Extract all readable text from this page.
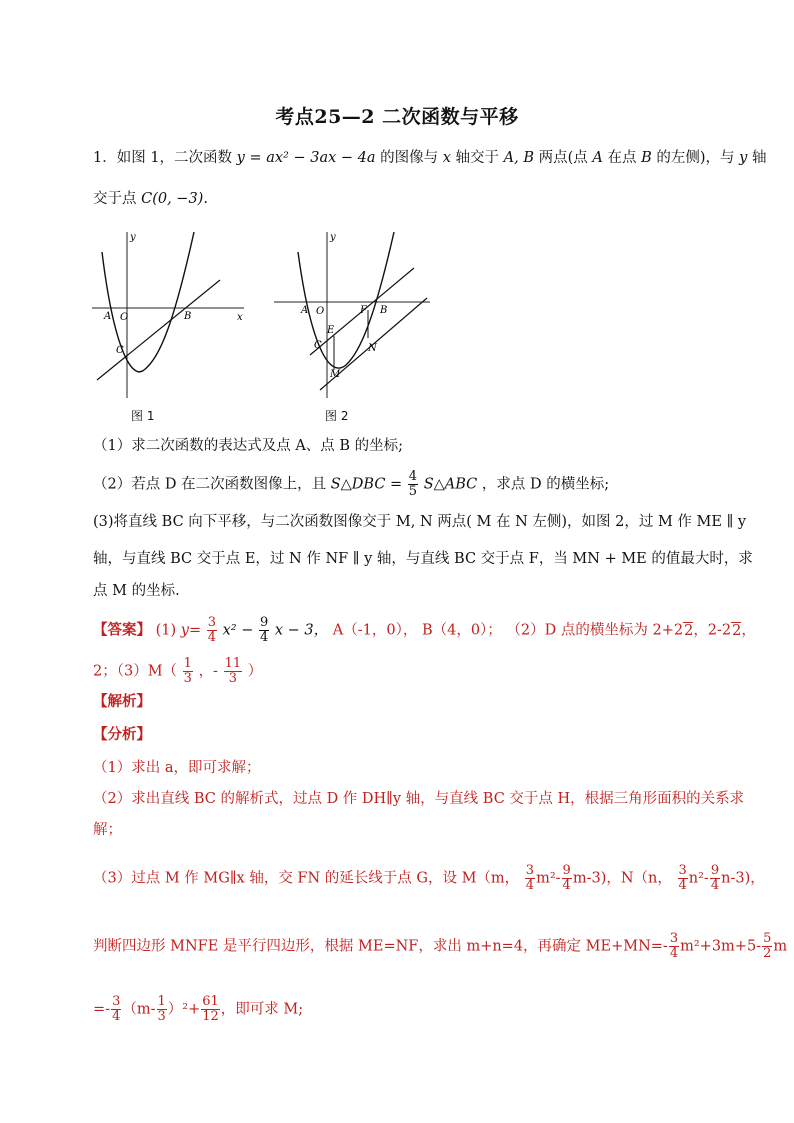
考点25—2 二次函数与平移
1．如图 1，二次函数 y = ax² − 3ax − 4a 的图像与 x 轴交于 A, B 两点(点 A 在点 B 的左侧)，与 y 轴
交于点 C(0, −3).
y
x
A O	B
C
图 1
y
A O
E
F B
C	N
M
图 2
（1）求二次函数的表达式及点 A、点 B 的坐标;
（2）若点 D 在二次函数图像上，且 S△DBC = $\frac{4}{5}$ S△ABC ，求点 D 的横坐标;
(3)将直线 BC 向下平移，与二次函数图像交于 M, N 两点( M 在 N 左侧)，如图 2，过 M 作 ME ∥ y
轴，与直线 BC 交于点 E，过 N 作 NF ∥ y 轴，与直线 BC 交于点 F，当 MN + ME 的值最大时，求
点 M 的坐标.
【答案】 (1) $y= \frac{3}{4} x^2 - \frac{9}{4}$ x − 3， A（-1，0）， B（4，0）； （2）D 点的横坐标为 2+22，2-22，
2；$(3)M( \frac{1}{3}$ ，- $\frac{11}{3}$ ）
【解析】
【分析】
（1）求出 a，即可求解；
（2）求出直线 BC 的解析式，过点 D 作 DH∥y 轴，与直线 BC 交于点 H，根据三角形面积的关系求
解；
（3）过点 M 作 MG∥x 轴，交 FN 的延长线于点 G，设 M（m， $\frac{3}{4} m^2- \frac{9}{4} m-3$)，N（n， $\frac{3}{4} n^2- \frac{9}{4} n-3$)，
判断四边形 MNFE 是平行四边形，根据 ME=NF，求出 m+n=4，再确定 $ME+MN=- \frac{3}{4} m^2+3m+5- \frac{5}{2}$ m
=- $\frac{3}{4} (m- \frac{1}{3} )^2+ \frac{61}{12}$ ，即可求 M;
